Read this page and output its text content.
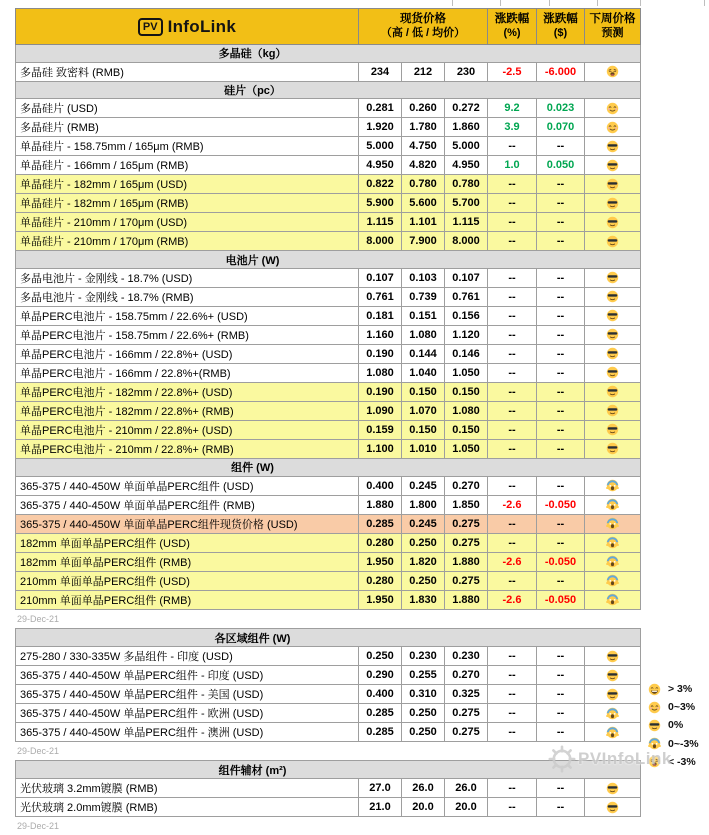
PV InfoLink	现货价格
（高 / 低 / 均价）

涨跌幅
(%)

涨跌幅
($)

下周价格
预测

多晶硅（kg）						
多晶硅 致密料 (RMB)	234	212	230	-2.5	-6.000	

硅片（pc）						
多晶硅片 (USD)	0.281	0.260	0.272	9.2	0.023	

多晶硅片 (RMB)	1.920	1.780	1.860	3.9	0.070	

单晶硅片 - 158.75mm / 165μm (RMB)	5.000	4.750	5.000	--	--	

单晶硅片 - 166mm / 165μm (RMB)	4.950	4.820	4.950	1.0	0.050	

单晶硅片 - 182mm / 165μm (USD)	0.822	0.780	0.780	--	--	

单晶硅片 - 182mm / 165μm (RMB)	5.900	5.600	5.700	--	--	

单晶硅片 - 210mm / 170μm (USD)	1.115	1.101	1.115	--	--	

单晶硅片 - 210mm / 170μm (RMB)	8.000	7.900	8.000	--	--	

电池片 (W)						
多晶电池片 - 金刚线 - 18.7% (USD)	0.107	0.103	0.107	--	--	

多晶电池片 - 金刚线 - 18.7% (RMB)	0.761	0.739	0.761	--	--	

单晶PERC电池片 - 158.75mm / 22.6%+ (USD)	0.181	0.151	0.156	--	--	

单晶PERC电池片 - 158.75mm / 22.6%+ (RMB)	1.160	1.080	1.120	--	--	

单晶PERC电池片 - 166mm / 22.8%+ (USD)	0.190	0.144	0.146	--	--	

单晶PERC电池片 - 166mm / 22.8%+(RMB)	1.080	1.040	1.050	--	--	

单晶PERC电池片 - 182mm / 22.8%+ (USD)	0.190	0.150	0.150	--	--	

单晶PERC电池片 - 182mm / 22.8%+ (RMB)	1.090	1.070	1.080	--	--	

单晶PERC电池片 - 210mm / 22.8%+ (USD)	0.159	0.150	0.150	--	--	

单晶PERC电池片 - 210mm / 22.8%+ (RMB)	1.100	1.010	1.050	--	--	

组件 (W)						
365-375 / 440-450W 单面单晶PERC组件 (USD)	0.400	0.245	0.270	--	--	

365-375 / 440-450W 单面单晶PERC组件 (RMB)	1.880	1.800	1.850	-2.6	-0.050	

365-375 / 440-450W 单面单晶PERC组件现货价格 (USD)	0.285	0.245	0.275	--	--	

182mm 单面单晶PERC组件 (USD)	0.280	0.250	0.275	--	--	

182mm 单面单晶PERC组件 (RMB)	1.950	1.820	1.880	-2.6	-0.050	

210mm 单面单晶PERC组件 (USD)	0.280	0.250	0.275	--	--	

210mm 单面单晶PERC组件 (RMB)	1.950	1.830	1.880	-2.6	-0.050	
29-Dec-21
各区域组件 (W)						
275-280 / 330-335W 多晶组件 - 印度 (USD)	0.250	0.230	0.230	--	--	

365-375 / 440-450W 单晶PERC组件 - 印度 (USD)	0.290	0.255	0.270	--	--	

365-375 / 440-450W 单晶PERC组件 - 美国 (USD)	0.400	0.310	0.325	--	--	

365-375 / 440-450W 单晶PERC组件 - 欧洲 (USD)	0.285	0.250	0.275	--	--	

365-375 / 440-450W 单晶PERC组件 - 澳洲 (USD)	0.285	0.250	0.275	--	--	
29-Dec-21
组件辅材 (m²)						
光伏玻璃 3.2mm镀膜 (RMB)	27.0	26.0	26.0	--	--	

光伏玻璃 2.0mm镀膜 (RMB)	21.0	20.0	20.0	--	--	
29-Dec-21
> 3%
0~3%
0%
0~-3%
< -3%
PVInfoLink
